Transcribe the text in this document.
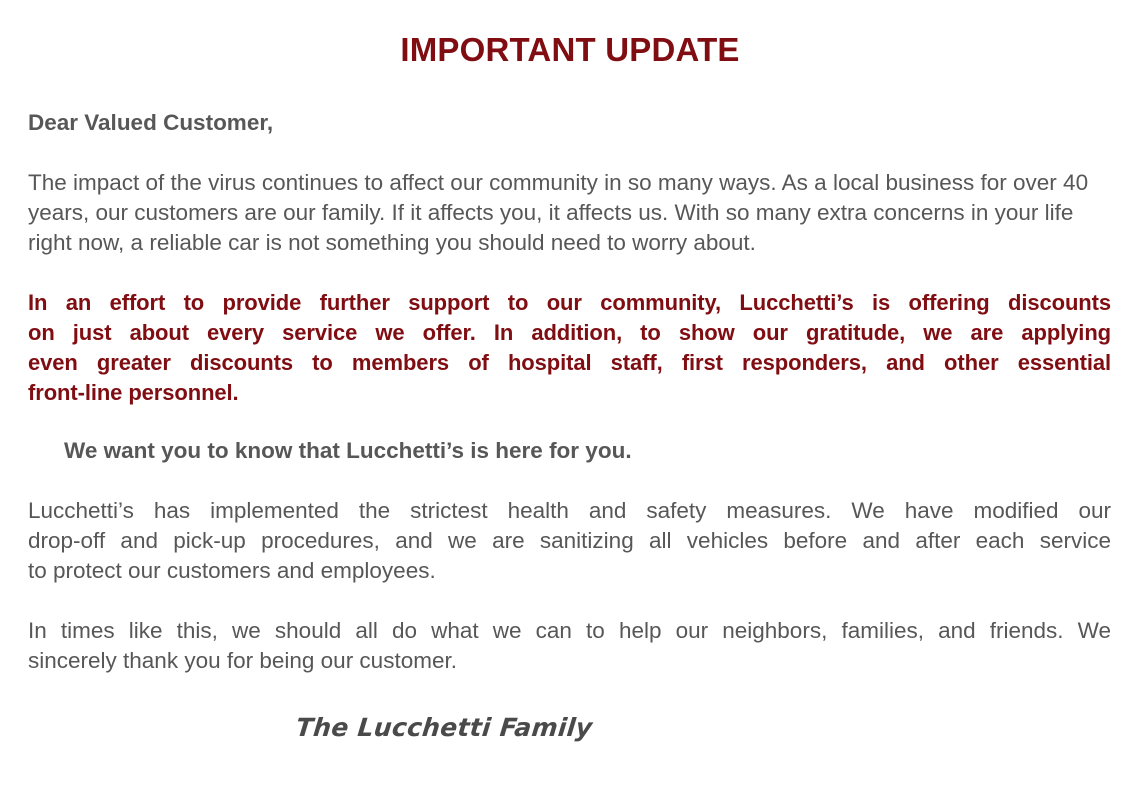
IMPORTANT UPDATE

Dear Valued Customer,

The impact of the virus continues to affect our community in so many ways. As a local business for over 40 years, our customers are our family. If it affects you, it affects us. With so many extra concerns in your life right now, a reliable car is not something you should need to worry about.

In an effort to provide further support to our community, Lucchetti’s is offering discounts
on just about every service we offer. In addition, to show our gratitude, we are applying
even greater discounts to members of hospital staff, first responders, and other essential
front-line personnel.

We want you to know that Lucchetti’s is here for you.

Lucchetti’s has implemented the strictest health and safety measures. We have modified our
drop-off and pick-up procedures, and we are sanitizing all vehicles before and after each service
to protect our customers and employees.

In times like this, we should all do what we can to help our neighbors, families, and friends. We
sincerely thank you for being our customer.

The Lucchetti Family
